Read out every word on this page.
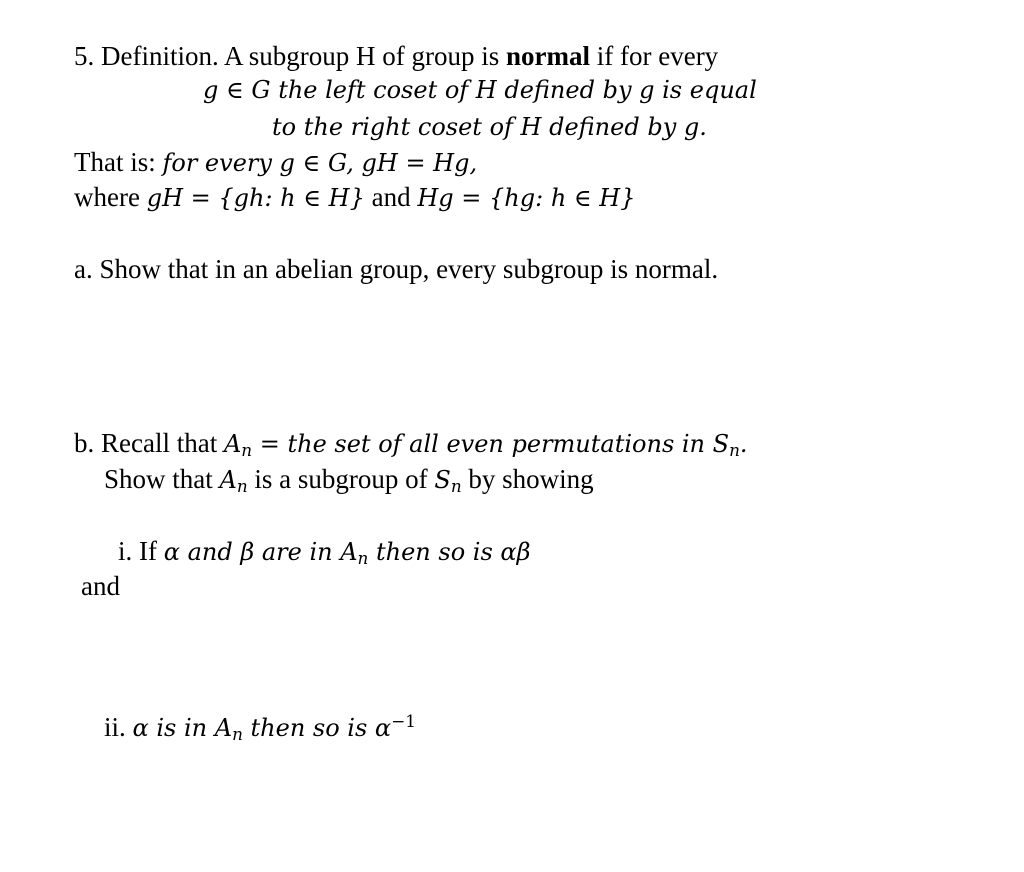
5. Definition. A subgroup H of group is normal if for every
g ∈ G the left coset of H defined by g is equal
to the right coset of H defined by g.
That is: for every g ∈ G, gH = Hg,
where gH = {gh: h ∈ H} and Hg = {hg: h ∈ H}
a. Show that in an abelian group, every subgroup is normal.
b. Recall that $A_n$ = the set of all even permutations in $S_n$.
Show that $A_n$ is a subgroup of $S_n$ by showing
i. If α and β are in $A_n$ then so is αβ
and
ii. α is in $A_n$ then so is $\alpha^{-1}$
